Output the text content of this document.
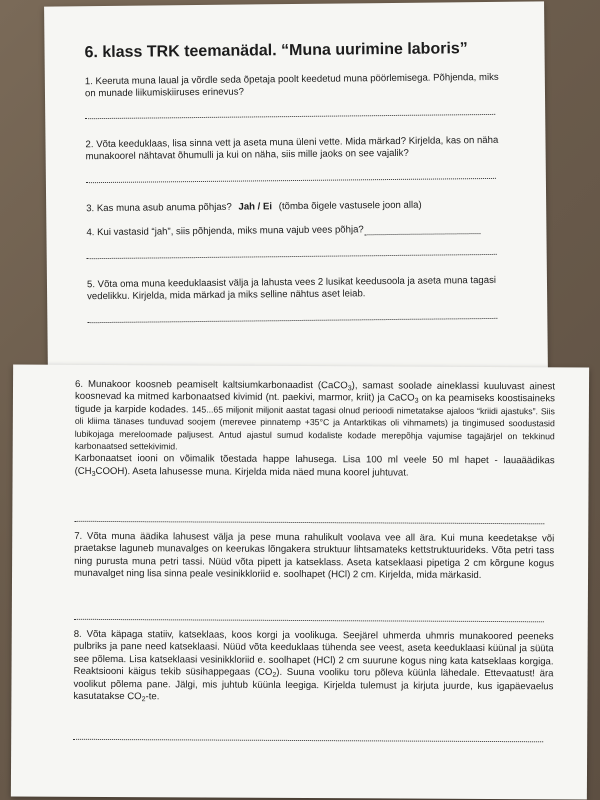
6. klass TRK teemanädal. “Muna uurimine laboris”
1. Keeruta muna laual ja võrdle seda õpetaja poolt keedetud muna pöörlemisega. Põhjenda, miks on munade liikumiskiiruses erinevus?
2. Võta keeduklaas, lisa sinna vett ja aseta muna üleni vette. Mida märkad? Kirjelda, kas on näha munakoorel nähtavat õhumulli ja kui on näha, siis mille jaoks on see vajalik?
3. Kas muna asub anuma põhjas? Jah / Ei (tõmba õigele vastusele joon alla)
4. Kui vastasid “jah”, siis põhjenda, miks muna vajub vees põhja?
5. Võta oma muna keeduklaasist välja ja lahusta vees 2 lusikat keedusoola ja aseta muna tagasi vedelikku. Kirjelda, mida märkad ja miks selline nähtus aset leiab.
6. Munakoor koosneb peamiselt kaltsiumkarbonaadist (CaCO$_3$), samast soolade aineklassi kuuluvast ainest koosnevad ka mitmed karbonaatsed kivimid (nt. paekivi, marmor, kriit) ja CaCO$_3$ on ka peamiseks koostisaineks tigude ja karpide kodades. 145...65 miljonit miljonit aastat tagasi olnud perioodi nimetatakse ajaloos “kriidi ajastuks”. Siis oli kliima tänases tunduvad soojem (merevee pinnatemp +35°C ja Antarktikas oli vihmamets) ja tingimused soodustasid lubikojaga mereloomade paljusest. Antud ajastul sumud kodaliste kodade merepõhja vajumise tagajärjel on tekkinud karbonaatsed settekivimid.
Karbonaatset iooni on võimalik tõestada happe lahusega. Lisa 100 ml veele 50 ml hapet - lauaäädikas $(CH_3COOH)$. Aseta lahusesse muna. Kirjelda mida näed muna koorel juhtuvat.
7. Võta muna äädika lahusest välja ja pese muna rahulikult voolava vee all ära. Kui muna keedetakse või praetakse laguneb munavalges on keerukas lõngakera struktuur lihtsamateks kettstruktuurideks. Võta petri tass ning purusta muna petri tassi. Nüüd võta pipett ja katseklass. Aseta katseklaasi pipetiga 2 cm kõrgune kogus munavalget ning lisa sinna peale vesinikkloriid e. soolhapet (HCl) 2 cm. Kirjelda, mida märkasid.
8. Võta käpaga statiiv, katseklaas, koos korgi ja voolikuga. Seejärel uhmerda uhmris munakoored peeneks pulbriks ja pane need katseklaasi. Nüüd võta keeduklaas tühenda see veest, aseta keeduklaasi küünal ja süüta see põlema. Lisa katseklaasi vesinikkloriid e. soolhapet (HCl) 2 cm suurune kogus ning kata katseklaas korgiga. Reaktsiooni käigus tekib süsihappegaas $(CO_2)$. Suuna vooliku toru põleva küünla lähedale. Ettevaatust! ära voolikut põlema pane. Jälgi, mis juhtub küünla leegiga. Kirjelda tulemust ja kirjuta juurde, kus igapäevaelus kasutatakse $CO_2-te$.
